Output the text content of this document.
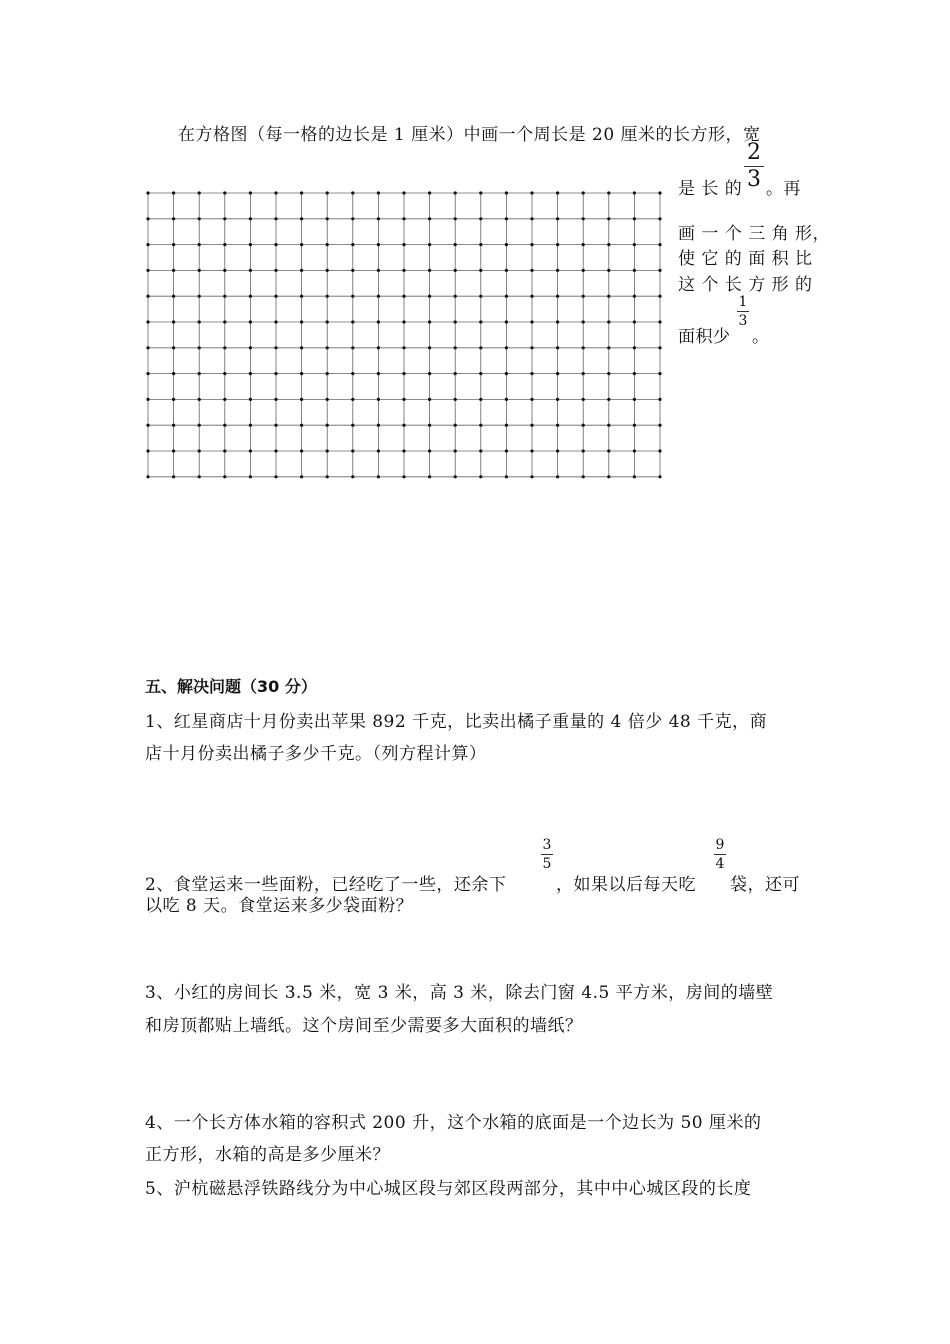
在方格图（每一格的边长是 1 厘米）中画一个周长是 20 厘米的长方形，宽
2
3
是 长 的 。再
画 一 个 三 角 形，
使 它 的 面 积 比
这 个 长 方 形 的
面积少
1
3
。
五、解决问题（30 分）
1、红星商店十月份卖出苹果 892 千克，比卖出橘子重量的 4 倍少 48 千克，商
店十月份卖出橘子多少千克。（列方程计算）
2、食堂运来一些面粉，已经吃了一些，还余下
3
5
，如果以后每天吃
9
4
袋，还可
以吃 8 天。食堂运来多少袋面粉？
3、小红的房间长 3.5 米，宽 3 米，高 3 米，除去门窗 4.5 平方米，房间的墙壁
和房顶都贴上墙纸。这个房间至少需要多大面积的墙纸？
4、一个长方体水箱的容积式 200 升，这个水箱的底面是一个边长为 50 厘米的
正方形，水箱的高是多少厘米？
5、沪杭磁悬浮铁路线分为中心城区段与郊区段两部分，其中中心城区段的长度
